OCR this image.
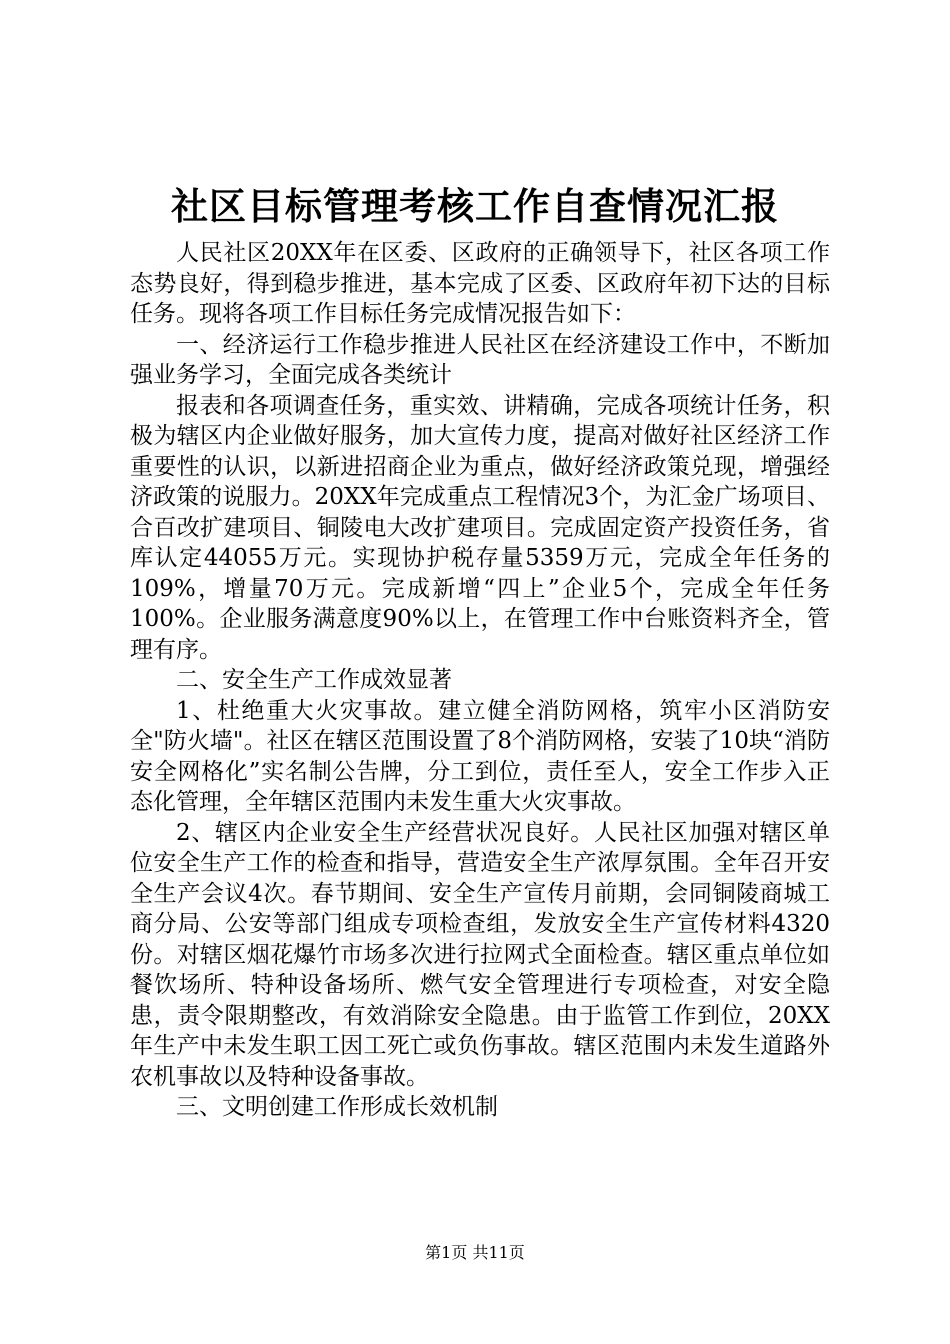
社区目标管理考核工作自查情况汇报

人民社区20XX年在区委、区政府的正确领导下，社区各项工作态势良好，得到稳步推进，基本完成了区委、区政府年初下达的目标任务。现将各项工作目标任务完成情况报告如下：

一、经济运行工作稳步推进人民社区在经济建设工作中，不断加强业务学习，全面完成各类统计

报表和各项调查任务，重实效、讲精确，完成各项统计任务，积极为辖区内企业做好服务，加大宣传力度，提高对做好社区经济工作重要性的认识，以新进招商企业为重点，做好经济政策兑现，增强经济政策的说服力。20XX年完成重点工程情况3个，为汇金广场项目、合百改扩建项目、铜陵电大改扩建项目。完成固定资产投资任务，省库认定44055万元。实现协护税存量5359万元，完成全年任务的109%，增量70万元。完成新增“四上”企业5个，完成全年任务100%。企业服务满意度90%以上，在管理工作中台账资料齐全，管理有序。

二、安全生产工作成效显著

1、杜绝重大火灾事故。建立健全消防网格，筑牢小区消防安全"防火墙"。社区在辖区范围设置了8个消防网格，安装了10块“消防安全网格化”实名制公告牌，分工到位，责任至人，安全工作步入正态化管理，全年辖区范围内未发生重大火灾事故。

2、辖区内企业安全生产经营状况良好。人民社区加强对辖区单位安全生产工作的检查和指导，营造安全生产浓厚氛围。全年召开安全生产会议4次。春节期间、安全生产宣传月前期，会同铜陵商城工商分局、公安等部门组成专项检查组，发放安全生产宣传材料4320份。对辖区烟花爆竹市场多次进行拉网式全面检查。辖区重点单位如餐饮场所、特种设备场所、燃气安全管理进行专项检查，对安全隐患，责令限期整改，有效消除安全隐患。由于监管工作到位，20XX年生产中未发生职工因工死亡或负伤事故。辖区范围内未发生道路外农机事故以及特种设备事故。

三、文明创建工作形成长效机制

第1页 共11页
